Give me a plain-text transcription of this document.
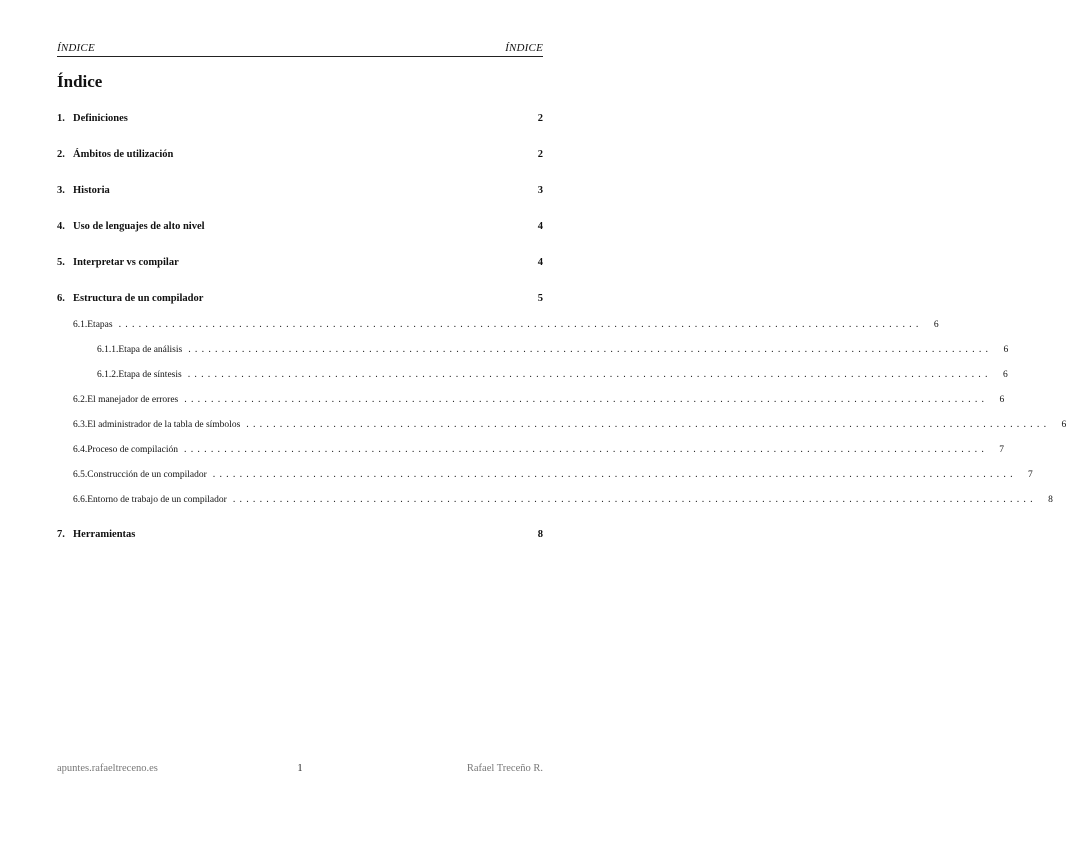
ÍNDICE	ÍNDICE
Índice
1. Definiciones	2
2. Ámbitos de utilización	2
3. Historia	3
4. Uso de lenguajes de alto nivel	4
5. Interpretar vs compilar	4
6. Estructura de un compilador	5
6.1. Etapas ........................................................................................................................	6
6.1.1. Etapa de análisis ........................................................................................................................	6
6.1.2. Etapa de síntesis ........................................................................................................................	6
6.2. El manejador de errores ........................................................................................................................	6
6.3. El administrador de la tabla de símbolos ........................................................................................................................	6
6.4. Proceso de compilación ........................................................................................................................	7
6.5. Construcción de un compilador ........................................................................................................................	7
6.6. Entorno de trabajo de un compilador ........................................................................................................................	8
7. Herramientas	8
apuntes.rafaeltreceno.es	1	Rafael Treceño R.
